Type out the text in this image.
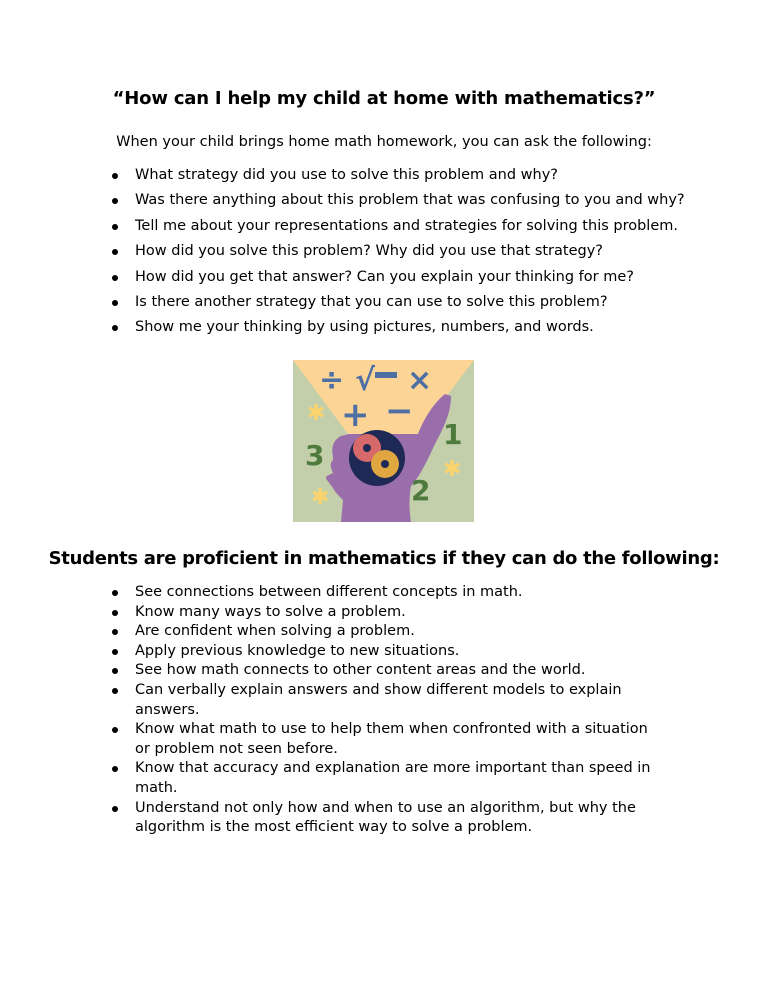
“How can I help my child at home with mathematics?”

When your child brings home math homework, you can ask the following:

What strategy did you use to solve this problem and why?
Was there anything about this problem that was confusing to you and why?
Tell me about your representations and strategies for solving this problem.
How did you solve this problem? Why did you use that strategy?
How did you get that answer? Can you explain your thinking for me?
Is there another strategy that you can use to solve this problem?
Show me your thinking by using pictures, numbers, and words.
÷ √ ×
+ −
3
1
2
✱
✱
✱
Students are proficient in mathematics if they can do the following:
See connections between different concepts in math.
Know many ways to solve a problem.
Are confident when solving a problem.
Apply previous knowledge to new situations.
See how math connects to other content areas and the world.
Can verbally explain answers and show different models to explain answers.
Know what math to use to help them when confronted with a situation or problem not seen before.
Know that accuracy and explanation are more important than speed in math.
Understand not only how and when to use an algorithm, but why the algorithm is the most efficient way to solve a problem.
